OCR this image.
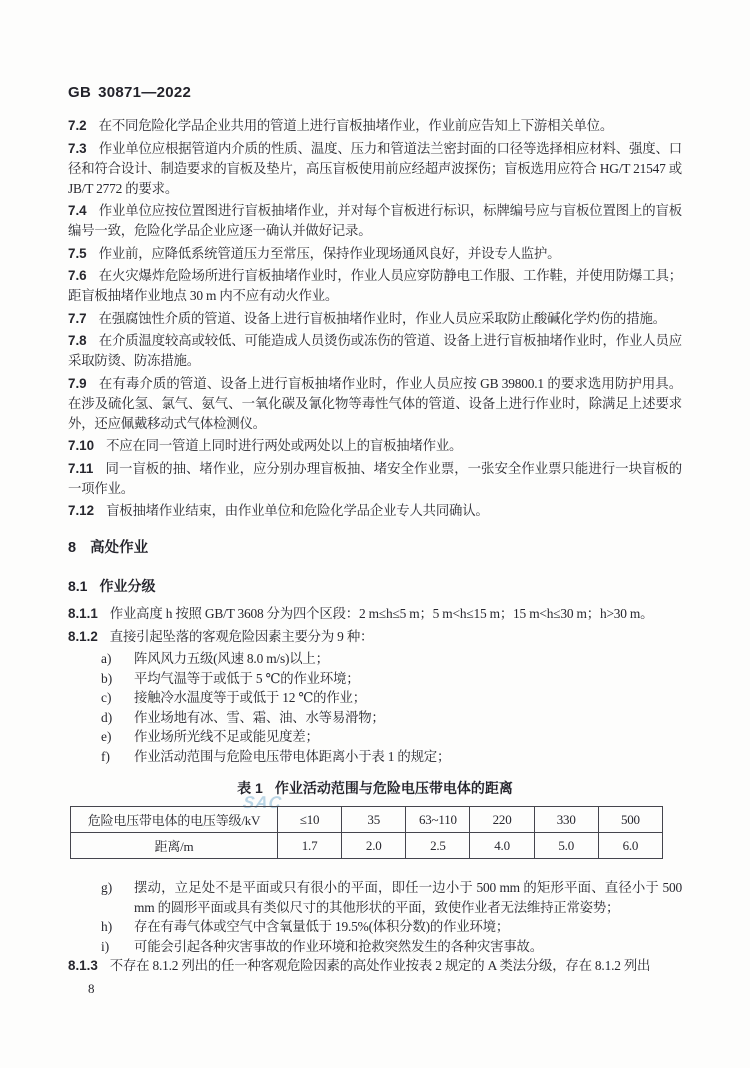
SAC
GB 30871—2022

7.2 在不同危险化学品企业共用的管道上进行盲板抽堵作业，作业前应告知上下游相关单位。

7.3 作业单位应根据管道内介质的性质、温度、压力和管道法兰密封面的口径等选择相应材料、强度、口径和符合设计、制造要求的盲板及垫片，高压盲板使用前应经超声波探伤；盲板选用应符合 HG/T 21547 或 JB/T 2772 的要求。

7.4 作业单位应按位置图进行盲板抽堵作业，并对每个盲板进行标识，标牌编号应与盲板位置图上的盲板编号一致，危险化学品企业应逐一确认并做好记录。

7.5 作业前，应降低系统管道压力至常压，保持作业现场通风良好，并设专人监护。

7.6 在火灾爆炸危险场所进行盲板抽堵作业时，作业人员应穿防静电工作服、工作鞋，并使用防爆工具；距盲板抽堵作业地点 30 m 内不应有动火作业。

7.7 在强腐蚀性介质的管道、设备上进行盲板抽堵作业时，作业人员应采取防止酸碱化学灼伤的措施。

7.8 在介质温度较高或较低、可能造成人员烫伤或冻伤的管道、设备上进行盲板抽堵作业时，作业人员应采取防烫、防冻措施。

7.9 在有毒介质的管道、设备上进行盲板抽堵作业时，作业人员应按 GB 39800.1 的要求选用防护用具。在涉及硫化氢、氯气、氨气、一氧化碳及氰化物等毒性气体的管道、设备上进行作业时，除满足上述要求外，还应佩戴移动式气体检测仪。

7.10 不应在同一管道上同时进行两处或两处以上的盲板抽堵作业。

7.11 同一盲板的抽、堵作业，应分别办理盲板抽、堵安全作业票，一张安全作业票只能进行一块盲板的一项作业。

7.12 盲板抽堵作业结束，由作业单位和危险化学品企业专人共同确认。

8 高处作业
8.1 作业分级

8.1.1 作业高度 h 按照 GB/T 3608 分为四个区段：2 m≤h≤5 m；5 m<h≤15 m；15 m<h≤30 m；h>30 m。

8.1.2 直接引起坠落的客观危险因素主要分为 9 种：

a) 阵风风力五级(风速 8.0 m/s)以上；
b) 平均气温等于或低于 5 ℃的作业环境；
c) 接触冷水温度等于或低于 12 ℃的作业；
d) 作业场地有冰、雪、霜、油、水等易滑物；
e) 作业场所光线不足或能见度差；
f) 作业活动范围与危险电压带电体距离小于表 1 的规定；
表 1 作业活动范围与危险电压带电体的距离
危险电压带电体的电压等级/kV	≤10	35	63~110	220	330	500
距离/m	1.7	2.0	2.5	4.0	5.0	6.0
g) 摆动，立足处不是平面或只有很小的平面，即任一边小于 500 mm 的矩形平面、直径小于 500 mm 的圆形平面或具有类似尺寸的其他形状的平面，致使作业者无法维持正常姿势；
h) 存在有毒气体或空气中含氧量低于 19.5%(体积分数)的作业环境；
i) 可能会引起各种灾害事故的作业环境和抢救突然发生的各种灾害事故。

8.1.3 不存在 8.1.2 列出的任一种客观危险因素的高处作业按表 2 规定的 A 类法分级，存在 8.1.2 列出

8
